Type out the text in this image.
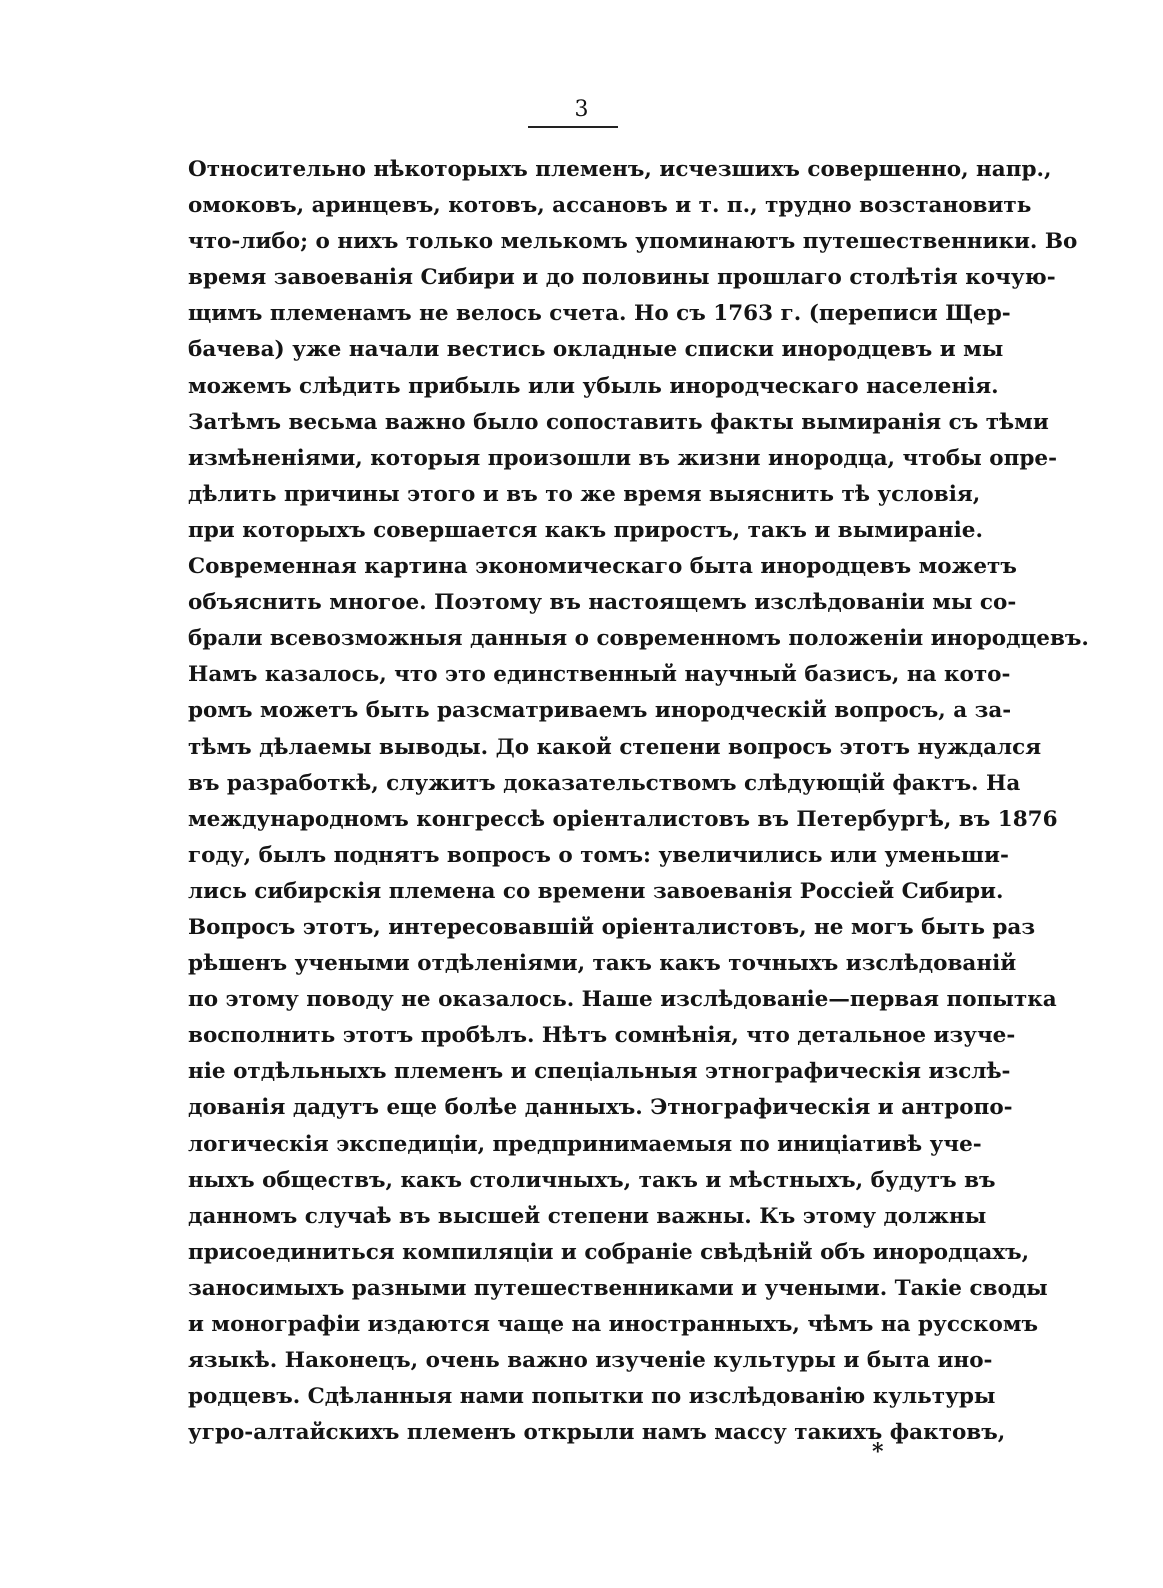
3
Относительно нѣкоторыхъ племенъ, исчезшихъ совершенно, напр.,
омоковъ, аринцевъ, котовъ, ассановъ и т. п., трудно возстановить
что-либо; о нихъ только мелькомъ упоминаютъ путешественники. Во
время завоеванія Сибири и до половины прошлаго столѣтія кочую-
щимъ племенамъ не велось счета. Но съ 1763 г. (переписи Щер-
бачева) уже начали вестись окладные списки инородцевъ и мы
можемъ слѣдить прибыль или убыль инородческаго населенія.
Затѣмъ весьма важно было сопоставить факты вымиранія съ тѣми
измѣненіями, которыя произошли въ жизни инородца, чтобы опре-
дѣлить причины этого и въ то же время выяснить тѣ условія,
при которыхъ совершается какъ приростъ, такъ и вымираніе.
Современная картина экономическаго быта инородцевъ можетъ
объяснить многое. Поэтому въ настоящемъ изслѣдованіи мы со-
брали всевозможныя данныя о современномъ положеніи инородцевъ.
Намъ казалось, что это единственный научный базисъ, на кото-
ромъ можетъ быть разсматриваемъ инородческій вопросъ, а за-
тѣмъ дѣлаемы выводы. До какой степени вопросъ этотъ нуждался
въ разработкѣ, служитъ доказательствомъ слѣдующій фактъ. На
международномъ конгрессѣ оріенталистовъ въ Петербургѣ, въ 1876
году, былъ поднятъ вопросъ о томъ: увеличились или уменьши-
лись сибирскія племена со времени завоеванія Россіей Сибири.
Вопросъ этотъ, интересовавшій оріенталистовъ, не могъ быть раз
рѣшенъ учеными отдѣленіями, такъ какъ точныхъ изслѣдованій
по этому поводу не оказалось. Наше изслѣдованіе—первая попытка
восполнить этотъ пробѣлъ. Нѣтъ сомнѣнія, что детальное изуче-
ніе отдѣльныхъ племенъ и спеціальныя этнографическія изслѣ-
дованія дадутъ еще болѣе данныхъ. Этнографическія и антропо-
логическія экспедиціи, предпринимаемыя по иниціативѣ уче-
ныхъ обществъ, какъ столичныхъ, такъ и мѣстныхъ, будутъ въ
данномъ случаѣ въ высшей степени важны. Къ этому должны
присоединиться компиляціи и собраніе свѣдѣній объ инородцахъ,
заносимыхъ разными путешественниками и учеными. Такіе своды
и монографіи издаются чаще на иностранныхъ, чѣмъ на русскомъ
языкѣ. Наконецъ, очень важно изученіе культуры и быта ино-
родцевъ. Сдѣланныя нами попытки по изслѣдованію культуры
угро-алтайскихъ племенъ открыли намъ массу такихъ фактовъ,
*
